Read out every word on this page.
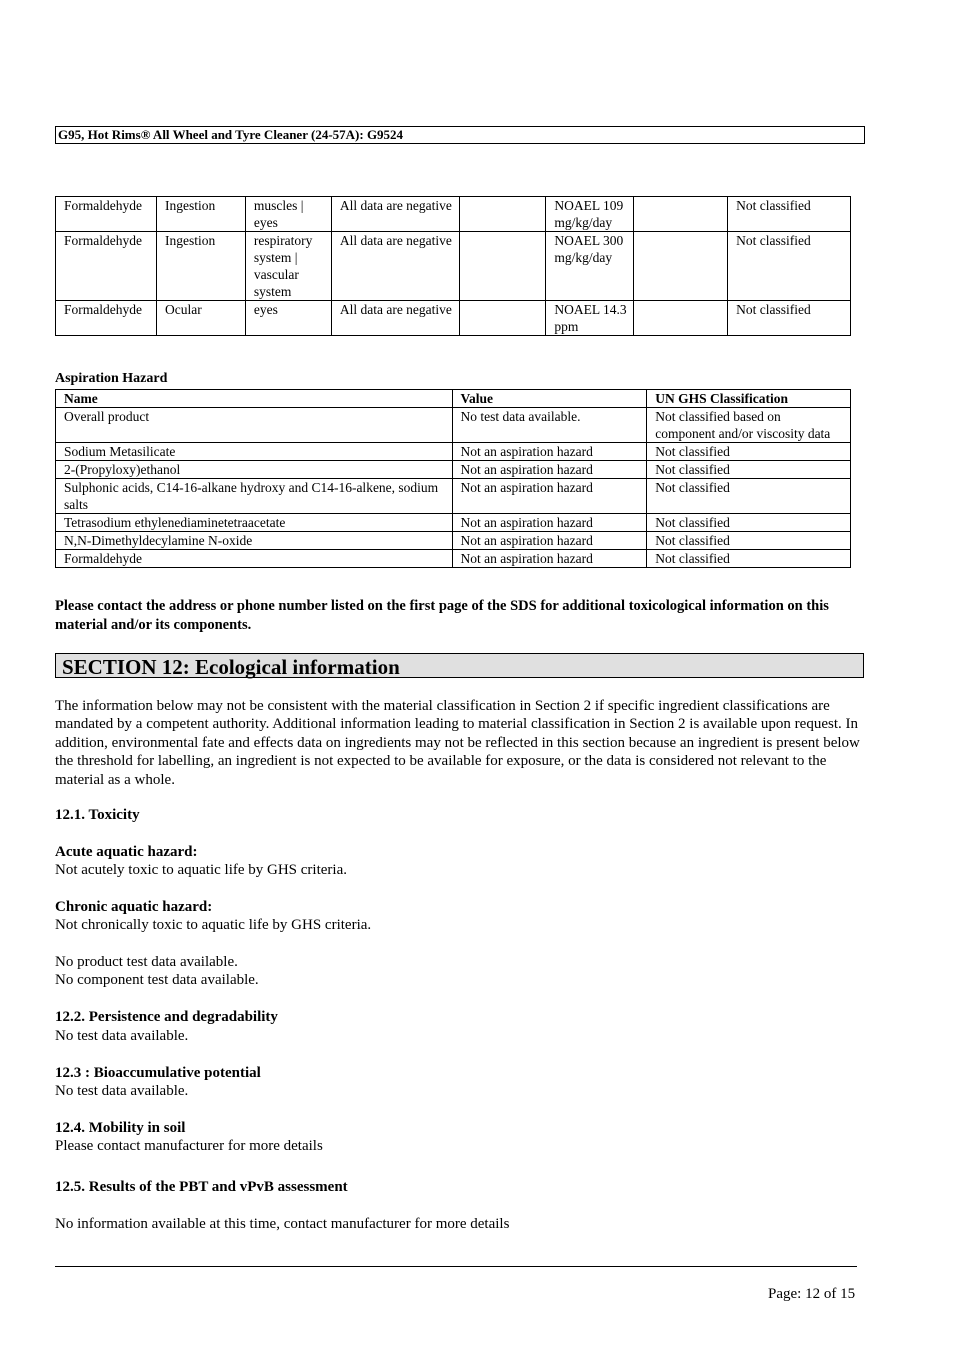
G95, Hot Rims® All Wheel and Tyre Cleaner (24-57A): G9524
Formaldehyde	Ingestion	muscles | eyes	All data are negative		NOAEL 109 mg/kg/day		Not classified
Formaldehyde	Ingestion	respiratory system | vascular system	All data are negative		NOAEL 300 mg/kg/day		Not classified
Formaldehyde	Ocular	eyes	All data are negative		NOAEL 14.3 ppm		Not classified
Aspiration Hazard
Name	Value	UN GHS Classification
Overall product	No test data available.	Not classified based on component and/or viscosity data
Sodium Metasilicate	Not an aspiration hazard	Not classified
2-(Propyloxy)ethanol	Not an aspiration hazard	Not classified
Sulphonic acids, C14-16-alkane hydroxy and C14-16-alkene, sodium salts	Not an aspiration hazard	Not classified
Tetrasodium ethylenediaminetetraacetate	Not an aspiration hazard	Not classified
N,N-Dimethyldecylamine N-oxide	Not an aspiration hazard	Not classified
Formaldehyde	Not an aspiration hazard	Not classified
Please contact the address or phone number listed on the first page of the SDS for additional toxicological information on this material and/or its components.
SECTION 12: Ecological information
The information below may not be consistent with the material classification in Section 2 if specific ingredient classifications are mandated by a competent authority. Additional information leading to material classification in Section 2 is available upon request. In addition, environmental fate and effects data on ingredients may not be reflected in this section because an ingredient is present below the threshold for labelling, an ingredient is not expected to be available for exposure, or the data is considered not relevant to the material as a whole.
12.1. Toxicity
Acute aquatic hazard:
Not acutely toxic to aquatic life by GHS criteria.
Chronic aquatic hazard:
Not chronically toxic to aquatic life by GHS criteria.
No product test data available.
No component test data available.
12.2. Persistence and degradability
No test data available.
12.3 : Bioaccumulative potential
No test data available.
12.4. Mobility in soil
Please contact manufacturer for more details
12.5. Results of the PBT and vPvB assessment
No information available at this time, contact manufacturer for more details
Page: 12 of 15
